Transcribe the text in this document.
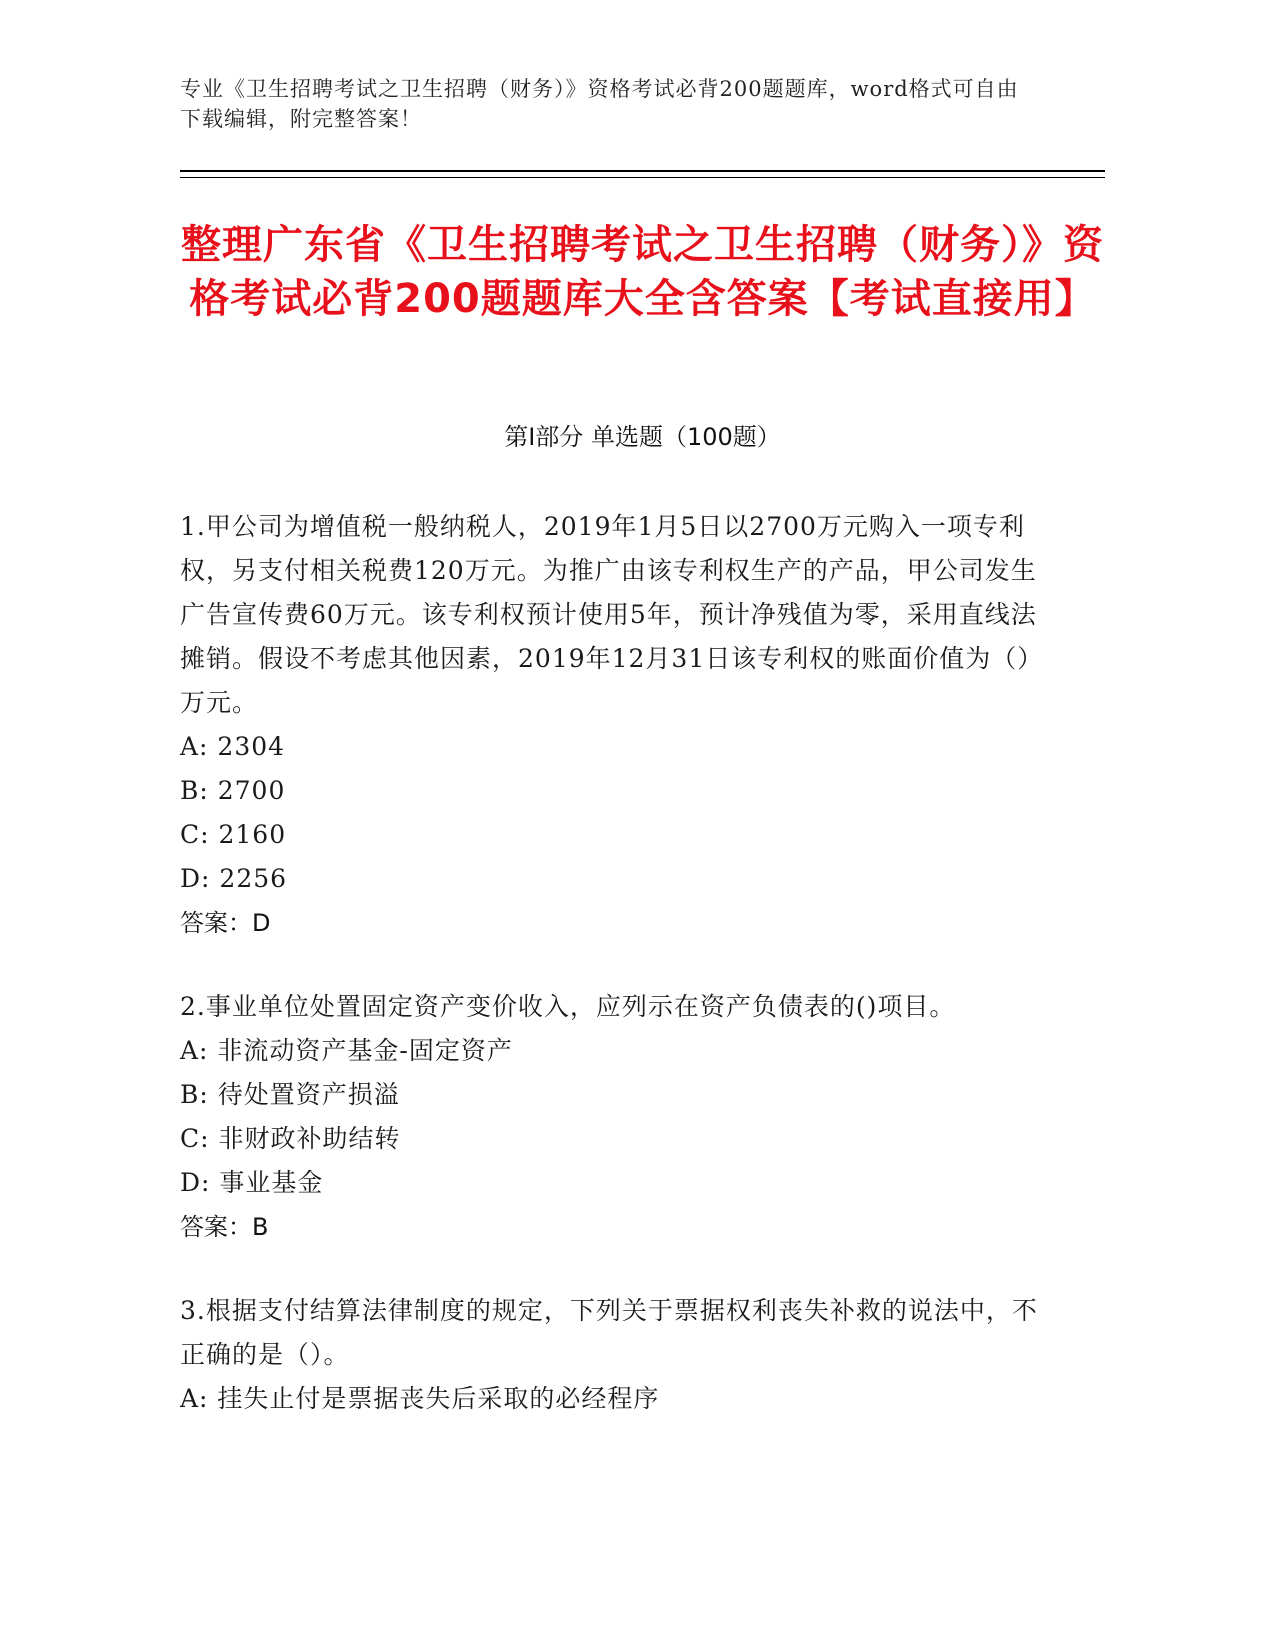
专业《卫生招聘考试之卫生招聘（财务）》资格考试必背200题题库，word格式可自由下载编辑，附完整答案！
整理广东省《卫生招聘考试之卫生招聘（财务）》资格考试必背200题题库大全含答案【考试直接用】
第I部分 单选题（100题）

1.甲公司为增值税一般纳税人，2019年1月5日以2700万元购入一项专利权，另支付相关税费120万元。为推广由该专利权生产的产品，甲公司发生广告宣传费60万元。该专利权预计使用5年，预计净残值为零，采用直线法摊销。假设不考虑其他因素，2019年12月31日该专利权的账面价值为（）万元。

A: 2304

B: 2700

C: 2160

D: 2256

答案：D

2.事业单位处置固定资产变价收入，应列示在资产负债表的()项目。

A: 非流动资产基金-固定资产

B: 待处置资产损溢

C: 非财政补助结转

D: 事业基金

答案：B

3.根据支付结算法律制度的规定，下列关于票据权利丧失补救的说法中，不正确的是（）。

A: 挂失止付是票据丧失后采取的必经程序
